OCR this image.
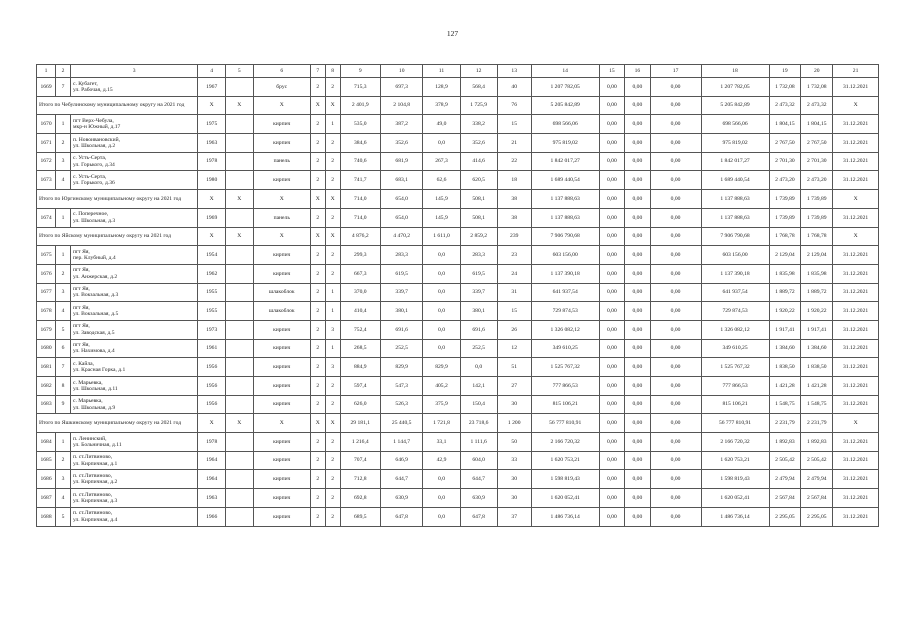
127
1	2	3	4	5	6	7	8	9	10	11	12	13	14	15	16	17	18	19	20	21
1669	7	с. Кубагет,
ул. Рабочая, д.15	1967		брус	2	2	715,3	697,3	128,9	568,4	40	1 207 782,05	0,00	0,00	0,00	1 207 782,05	1 732,08	1 732,08	31.12.2021
Итого по Чебулинскому муниципальному округу на 2021 год			X	X	X	X	X	2 401,9	2 104,8	378,9	1 725,9	76	5 205 842,89	0,00	0,00	0,00	5 205 842,89	2 473,32	2 473,32	X
1670	1	пгт Верх-Чебула,
мкр-н Южный, д.17	1975		кирпич	2	1	535,0	387,2	49,0	338,2	15	698 566,06	0,00	0,00	0,00	698 566,06	1 804,15	1 804,15	31.12.2021
1671	2	п. Новоивановский,
ул. Школьная, д.2	1963		кирпич	2	2	384,6	352,6	0,0	352,6	21	975 819,02	0,00	0,00	0,00	975 819,02	2 767,50	2 767,50	31.12.2021
1672	3	с. Усть-Серта,
ул. Горького, д.34	1978		панель	2	2	740,6	681,9	267,3	414,6	22	1 842 017,27	0,00	0,00	0,00	1 842 017,27	2 701,30	2 701,30	31.12.2021
1673	4	с. Усть-Серта,
ул. Горького, д.36	1980		кирпич	2	2	741,7	683,1	62,6	620,5	18	1 689 440,54	0,00	0,00	0,00	1 689 440,54	2 473,20	2 473,20	31.12.2021
Итого по Юргинскому муниципальному округу на 2021 год			X	X	X	X	X	714,0	654,0	145,9	508,1	38	1 137 888,63	0,00	0,00	0,00	1 137 888,63	1 739,89	1 739,89	X
1674	1	с. Поперечное,
ул. Школьная, д.3	1969		панель	2	2	714,0	654,0	145,9	508,1	38	1 137 888,63	0,00	0,00	0,00	1 137 888,63	1 739,89	1 739,89	31.12.2021
Итого по Яйскому муниципальному округу на 2021 год			X	X	X	X	X	4 876,2	4 470,2	1 611,0	2 859,2	239	7 906 790,68	0,00	0,00	0,00	7 906 790,68	1 768,78	1 768,78	X
1675	1	пгт Яя,
пер. Клубный, д.4	1954		кирпич	2	2	299,3	283,3	0,0	283,3	23	603 156,00	0,00	0,00	0,00	603 156,00	2 129,04	2 129,04	31.12.2021
1676	2	пгт Яя,
ул. Анжерская, д.2	1962		кирпич	2	2	667,3	619,5	0,0	619,5	24	1 137 390,18	0,00	0,00	0,00	1 137 390,18	1 835,98	1 835,98	31.12.2021
1677	3	пгт Яя,
ул. Вокзальная, д.3	1955		шлакоблок	2	1	370,0	339,7	0,0	339,7	31	641 937,54	0,00	0,00	0,00	641 937,54	1 889,72	1 889,72	31.12.2021
1678	4	пгт Яя,
ул. Вокзальная, д.5	1955		шлакоблок	2	1	410,4	380,1	0,0	380,1	15	729 874,53	0,00	0,00	0,00	729 874,53	1 920,22	1 920,22	31.12.2021
1679	5	пгт Яя,
ул. Заводская, д.5	1973		кирпич	2	3	752,4	691,6	0,0	691,6	26	1 326 082,12	0,00	0,00	0,00	1 326 082,12	1 917,41	1 917,41	31.12.2021
1680	6	пгт Яя,
ул. Нахимова, д.4	1961		кирпич	2	1	268,5	252,5	0,0	252,5	12	349 610,25	0,00	0,00	0,00	349 610,25	1 384,60	1 384,60	31.12.2021
1681	7	с. Кайла,
ул. Красная Горка, д.1	1956		кирпич	2	3	884,9	829,9	829,9	0,0	51	1 525 767,32	0,00	0,00	0,00	1 525 767,32	1 838,50	1 838,50	31.12.2021
1682	8	с. Марьевка,
ул. Школьная, д.11	1956		кирпич	2	2	597,4	547,3	405,2	142,1	27	777 866,53	0,00	0,00	0,00	777 866,53	1 421,28	1 421,28	31.12.2021
1683	9	с. Марьевка,
ул. Школьная, д.9	1956		кирпич	2	2	626,0	526,3	375,9	150,4	30	815 106,21	0,00	0,00	0,00	815 106,21	1 548,75	1 548,75	31.12.2021
Итого по Яшкинскому муниципальному округу на 2021 год			X	X	X	X	X	29 181,1	25 440,5	1 721,8	23 718,6	1 200	56 777 810,91	0,00	0,00	0,00	56 777 810,91	2 231,79	2 231,79	X
1684	1	п. Ленинский,
ул. Больничная, д.11	1978		кирпич	2	2	1 216,4	1 144,7	33,1	1 111,6	50	2 166 720,32	0,00	0,00	0,00	2 166 720,32	1 892,83	1 892,83	31.12.2021
1685	2	п. ст.Литвиново,
ул. Кирпичная, д.1	1964		кирпич	2	2	707,4	646,9	42,9	604,0	33	1 620 753,21	0,00	0,00	0,00	1 620 753,21	2 505,42	2 505,42	31.12.2021
1686	3	п. ст.Литвиново,
ул. Кирпичная, д.2	1964		кирпич	2	2	712,8	644,7	0,0	644,7	30	1 598 819,43	0,00	0,00	0,00	1 598 819,43	2 479,94	2 479,94	31.12.2021
1687	4	п. ст.Литвиново,
ул. Кирпичная, д.3	1963		кирпич	2	2	692,8	630,9	0,0	630,9	30	1 620 052,41	0,00	0,00	0,00	1 620 052,41	2 567,84	2 567,84	31.12.2021
1688	5	п. ст.Литвиново,
ул. Кирпичная, д.4	1966		кирпич	2	2	689,5	647,8	0,0	647,8	37	1 486 736,14	0,00	0,00	0,00	1 486 736,14	2 295,05	2 295,05	31.12.2021
